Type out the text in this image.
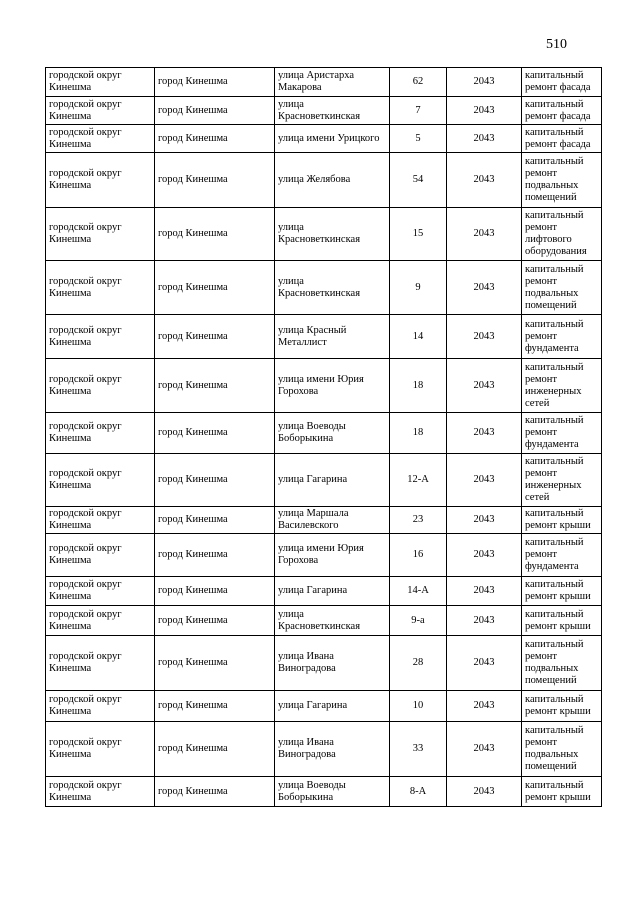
510
городской округ Кинешма	город Кинешма	улица Аристарха Макарова	62	2043	капитальный ремонт фасада
городской округ Кинешма	город Кинешма	улица Красноветкинская	7	2043	капитальный ремонт фасада
городской округ Кинешма	город Кинешма	улица имени Урицкого	5	2043	капитальный ремонт фасада
городской округ Кинешма	город Кинешма	улица Желябова	54	2043	капитальный ремонт подвальных помещений
городской округ Кинешма	город Кинешма	улица Красноветкинская	15	2043	капитальный ремонт лифтового оборудования
городской округ Кинешма	город Кинешма	улица Красноветкинская	9	2043	капитальный ремонт подвальных помещений
городской округ Кинешма	город Кинешма	улица Красный Металлист	14	2043	капитальный ремонт фундамента
городской округ Кинешма	город Кинешма	улица имени Юрия Горохова	18	2043	капитальный ремонт инженерных сетей
городской округ Кинешма	город Кинешма	улица Воеводы Боборыкина	18	2043	капитальный ремонт фундамента
городской округ Кинешма	город Кинешма	улица Гагарина	12-А	2043	капитальный ремонт инженерных сетей
городской округ Кинешма	город Кинешма	улица Маршала Василевского	23	2043	капитальный ремонт крыши
городской округ Кинешма	город Кинешма	улица имени Юрия Горохова	16	2043	капитальный ремонт фундамента
городской округ Кинешма	город Кинешма	улица Гагарина	14-А	2043	капитальный ремонт крыши
городской округ Кинешма	город Кинешма	улица Красноветкинская	9-а	2043	капитальный ремонт крыши
городской округ Кинешма	город Кинешма	улица Ивана Виноградова	28	2043	капитальный ремонт подвальных помещений
городской округ Кинешма	город Кинешма	улица Гагарина	10	2043	капитальный ремонт крыши
городской округ Кинешма	город Кинешма	улица Ивана Виноградова	33	2043	капитальный ремонт подвальных помещений
городской округ Кинешма	город Кинешма	улица Воеводы Боборыкина	8-А	2043	капитальный ремонт крыши
